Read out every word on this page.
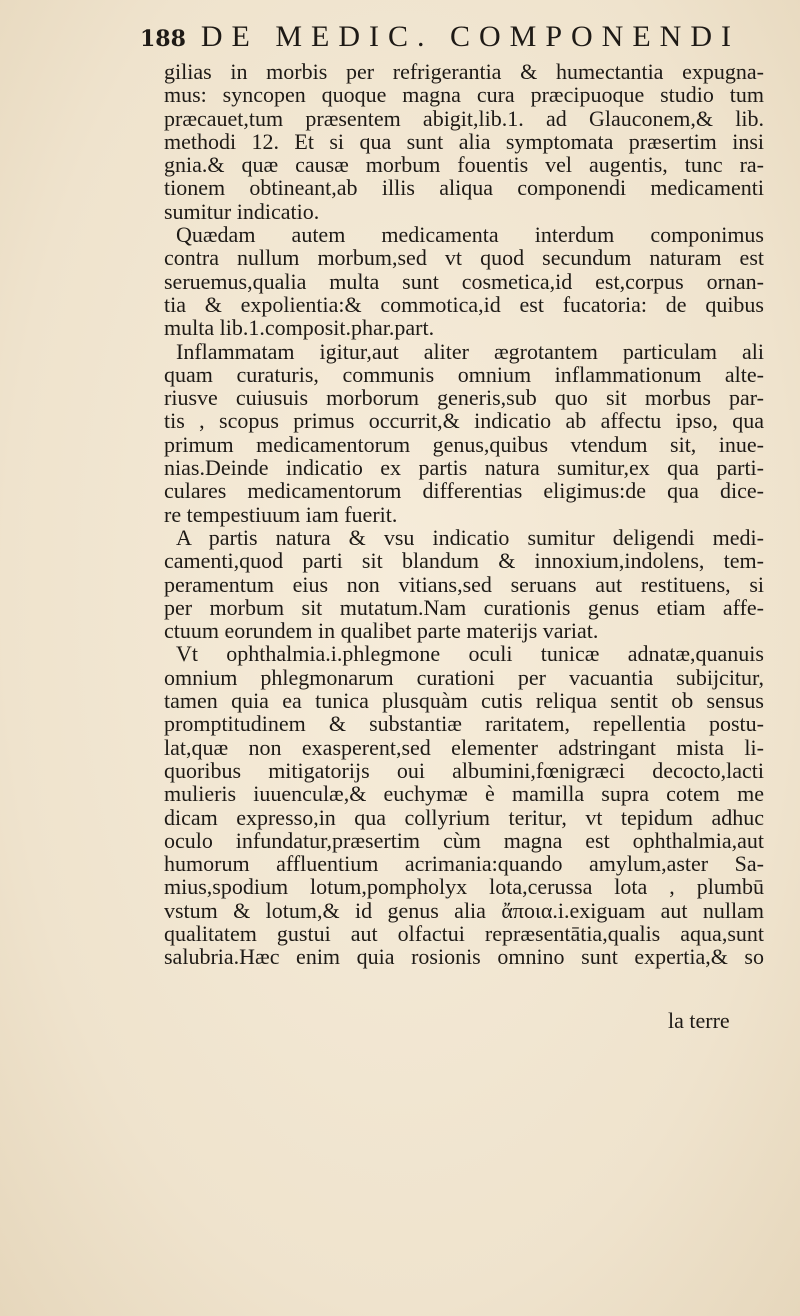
188 DE MEDIC. COMPONENDI
gilias in morbis per refrigerantia & humectantia expugna-
mus: syncopen quoque magna cura præcipuoque studio tum
præcauet,tum præsentem abigit,lib.1. ad Glauconem,& lib.
methodi 12. Et si qua sunt alia symptomata præsertim insi
gnia.& quæ causæ morbum fouentis vel augentis, tunc ra-
tionem obtineant,ab illis aliqua componendi medicamenti
sumitur indicatio.
Quædam autem medicamenta interdum componimus
contra nullum morbum,sed vt quod secundum naturam est
seruemus,qualia multa sunt cosmetica,id est,corpus ornan-
tia & expolientia:& commotica,id est fucatoria: de quibus
multa lib.1.composit.phar.part.
Inflammatam igitur,aut aliter ægrotantem particulam ali
quam curaturis, communis omnium inflammationum alte-
riusve cuiusuis morborum generis,sub quo sit morbus par-
tis , scopus primus occurrit,& indicatio ab affectu ipso, qua
primum medicamentorum genus,quibus vtendum sit, inue-
nias.Deinde indicatio ex partis natura sumitur,ex qua parti-
culares medicamentorum differentias eligimus:de qua dice-
re tempestiuum iam fuerit.
A partis natura & vsu indicatio sumitur deligendi medi-
camenti,quod parti sit blandum & innoxium,indolens, tem-
peramentum eius non vitians,sed seruans aut restituens, si
per morbum sit mutatum.Nam curationis genus etiam affe-
ctuum eorundem in qualibet parte materijs variat.
Vt ophthalmia.i.phlegmone oculi tunicæ adnatæ,quanuis
omnium phlegmonarum curationi per vacuantia subijcitur,
tamen quia ea tunica plusquàm cutis reliqua sentit ob sensus
promptitudinem & substantiæ raritatem, repellentia postu-
lat,quæ non exasperent,sed elementer adstringant mista li-
quoribus mitigatorijs oui albumini,fœnigræci decocto,lacti
mulieris iuuenculæ,& euchymæ è mamilla supra cotem me
dicam expresso,in qua collyrium teritur, vt tepidum adhuc
oculo infundatur,præsertim cùm magna est ophthalmia,aut
humorum affluentium acrimania:quando amylum,aster Sa-
mius,spodium lotum,pompholyx lota,cerussa lota , plumbū
vstum & lotum,& id genus alia ἄποια.i.exiguam aut nullam
qualitatem gustui aut olfactui repræsentātia,qualis aqua,sunt
salubria.Hæc enim quia rosionis omnino sunt expertia,& so
la terre
